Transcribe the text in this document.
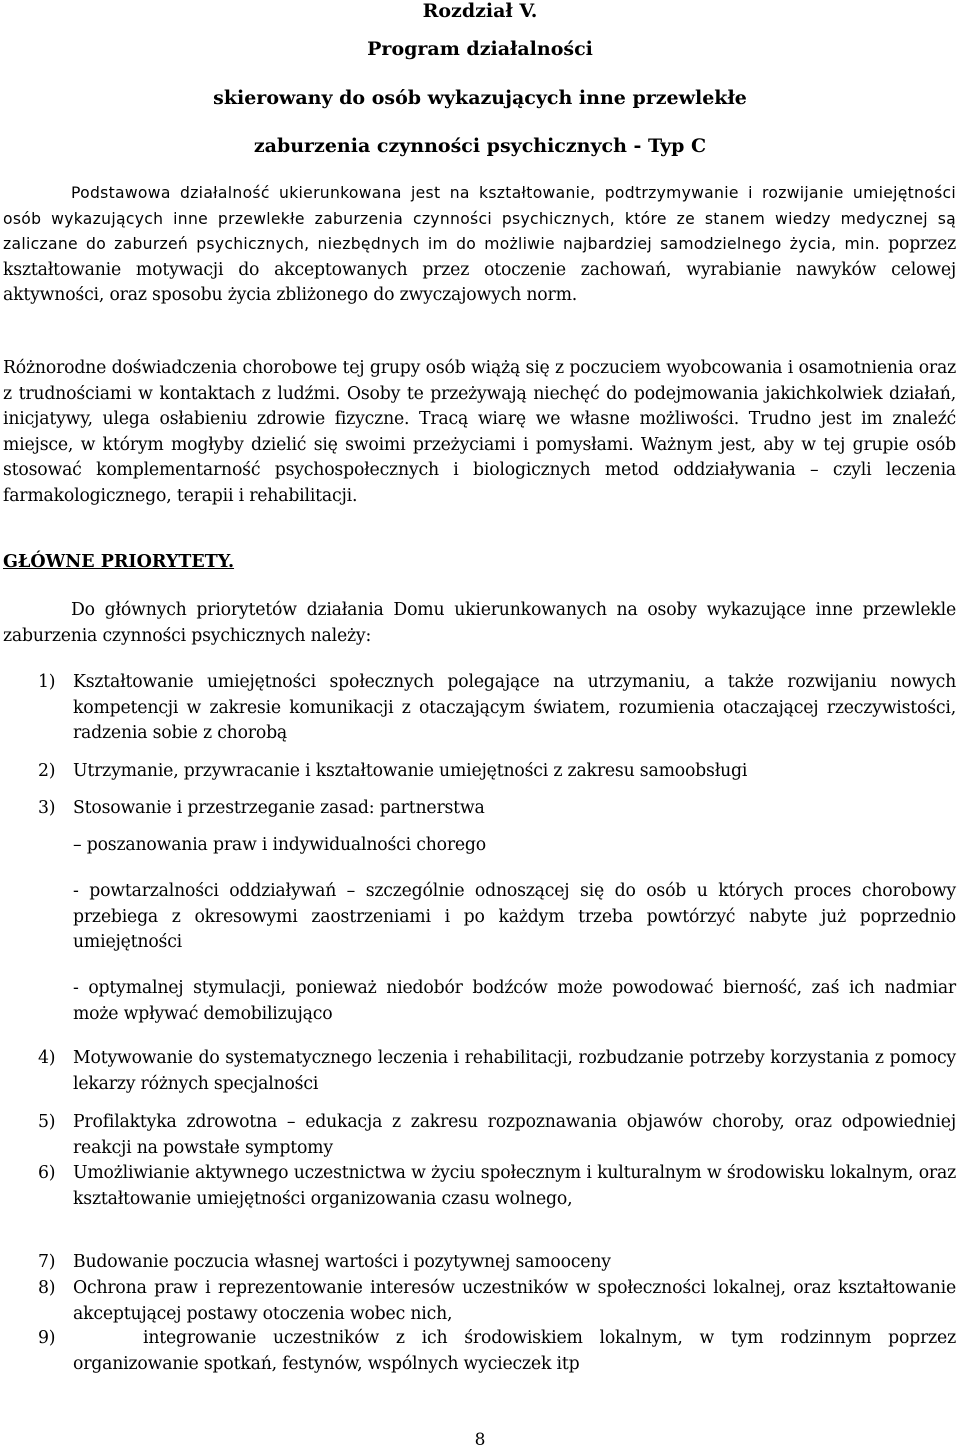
Rozdział V.
Program działalności
skierowany do osób wykazujących inne przewlekłe
zaburzenia czynności psychicznych - Typ C

Podstawowa działalność ukierunkowana jest na kształtowanie, podtrzymywanie i rozwijanie umiejętności osób wykazujących inne przewlekłe zaburzenia czynności psychicznych, które ze stanem wiedzy medycznej są zaliczane do zaburzeń psychicznych, niezbędnych im do możliwie najbardziej samodzielnego życia, min. poprzez kształtowanie motywacji do akceptowanych przez otoczenie zachowań, wyrabianie nawyków celowej aktywności, oraz sposobu życia zbliżonego do zwyczajowych norm.

Różnorodne doświadczenia chorobowe tej grupy osób wiążą się z poczuciem wyobcowania i osamotnienia oraz z trudnościami w kontaktach z ludźmi. Osoby te przeżywają niechęć do podejmowania jakichkolwiek działań, inicjatywy, ulega osłabieniu zdrowie fizyczne. Tracą wiarę we własne możliwości. Trudno jest im znaleźć miejsce, w którym mogłyby dzielić się swoimi przeżyciami i pomysłami. Ważnym jest, aby w tej grupie osób stosować komplementarność psychospołecznych i biologicznych metod oddziaływania – czyli leczenia farmakologicznego, terapii i rehabilitacji.

GŁÓWNE PRIORYTETY.

Do głównych priorytetów działania Domu ukierunkowanych na osoby wykazujące inne przewlekle zaburzenia czynności psychicznych należy:

1)	Kształtowanie umiejętności społecznych polegające na utrzymaniu, a także rozwijaniu nowych kompetencji w zakresie komunikacji z otaczającym światem, rozumienia otaczającej rzeczywistości, radzenia sobie z chorobą
2)	Utrzymanie, przywracanie i kształtowanie umiejętności z zakresu samoobsługi
3)	Stosowanie i przestrzeganie zasad: partnerstwa

– poszanowania praw i indywidualności chorego

- powtarzalności oddziaływań – szczególnie odnoszącej się do osób u których proces chorobowy przebiega z okresowymi zaostrzeniami i po każdym trzeba powtórzyć nabyte już poprzednio umiejętności

- optymalnej stymulacji, ponieważ niedobór bodźców może powodować bierność, zaś ich nadmiar może wpływać demobilizująco

4)	Motywowanie do systematycznego leczenia i rehabilitacji, rozbudzanie potrzeby korzystania z pomocy lekarzy różnych specjalności
5)	Profilaktyka zdrowotna – edukacja z zakresu rozpoznawania objawów choroby, oraz odpowiedniej reakcji na powstałe symptomy
6)	Umożliwianie aktywnego uczestnictwa w życiu społecznym i kulturalnym w środowisku lokalnym, oraz kształtowanie umiejętności organizowania czasu wolnego,
7)	Budowanie poczucia własnej wartości i pozytywnej samooceny
8)	Ochrona praw i reprezentowanie interesów uczestników w społeczności lokalnej, oraz kształtowanie akceptującej postawy otoczenia wobec nich,
9)	integrowanie uczestników z ich środowiskiem lokalnym, w tym rodzinnym poprzez organizowanie spotkań, festynów, wspólnych wycieczek itp
8
